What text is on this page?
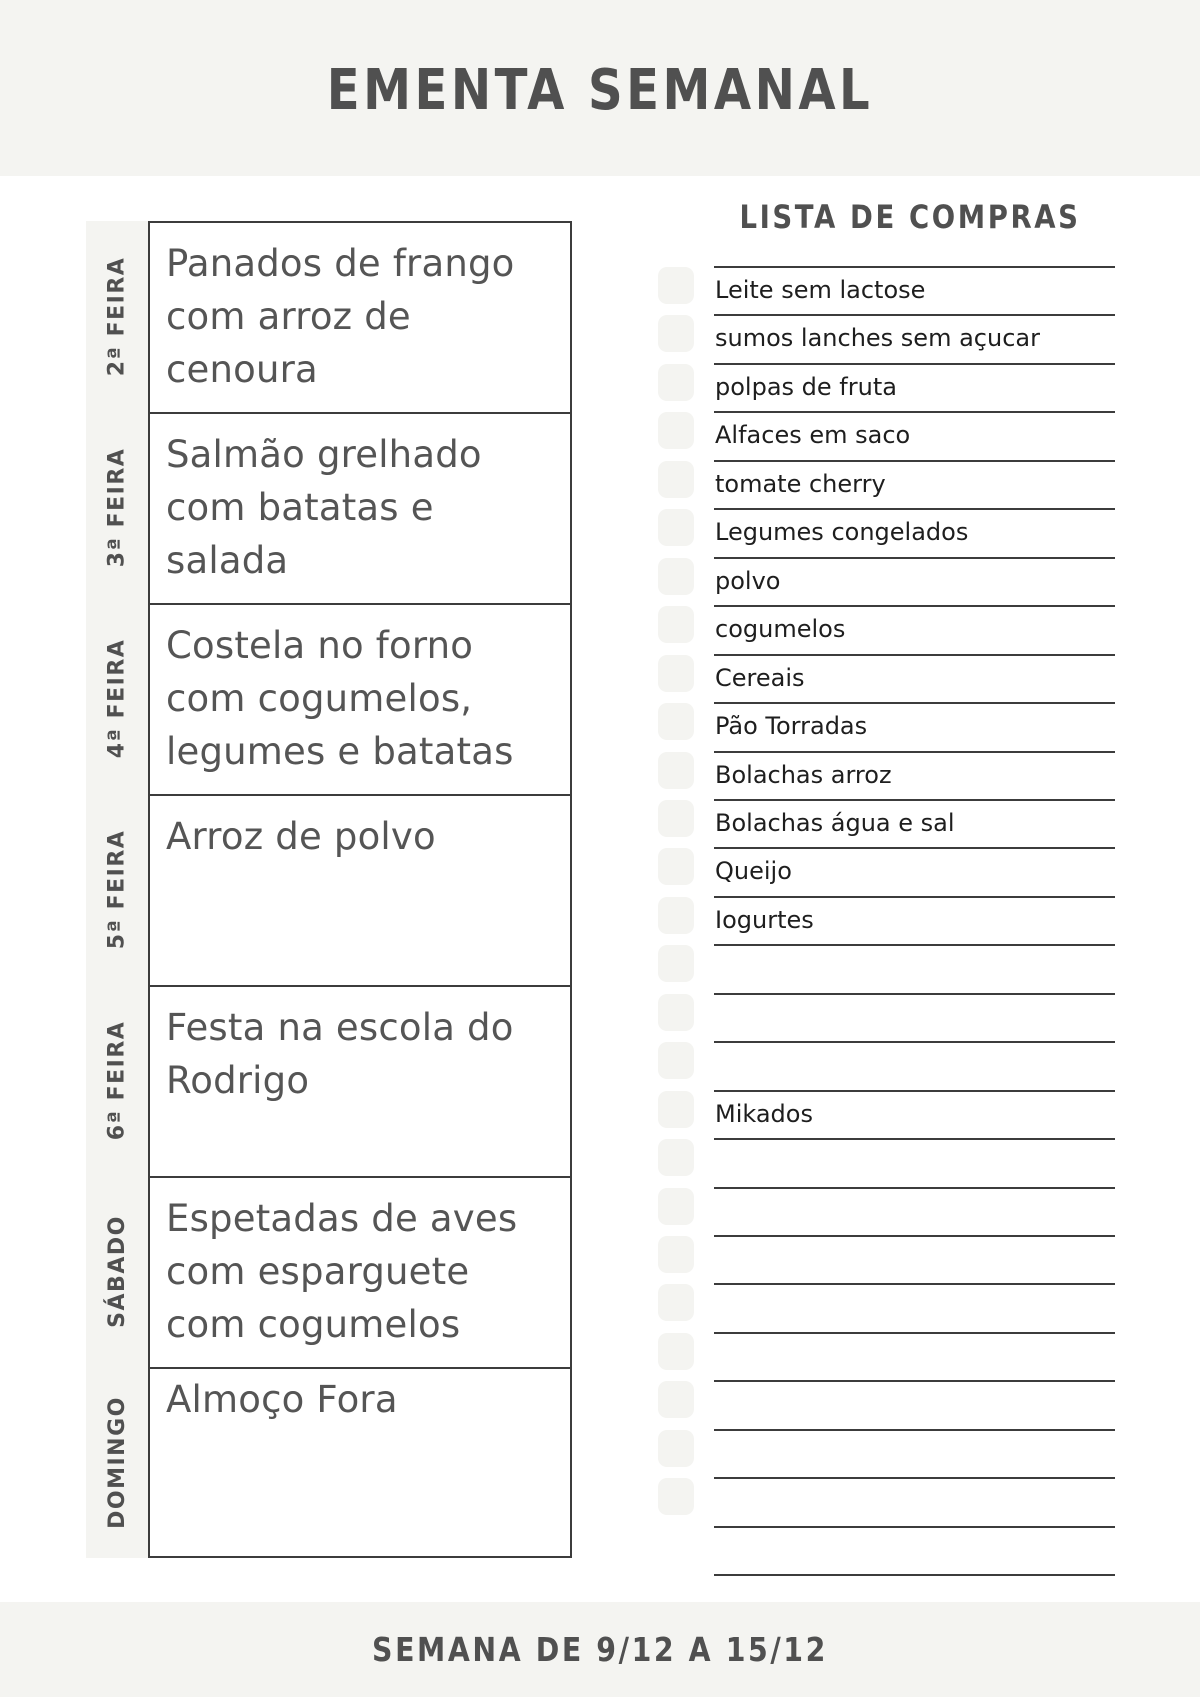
EMENTA SEMANAL
Panados de frango com arroz de cenoura
Salmão grelhado com batatas e salada
Costela no forno com cogumelos, legumes e batatas
Arroz de polvo
Festa na escola do Rodrigo
Espetadas de aves com esparguete com cogumelos
Almoço Fora
2ª FEIRA
3ª FEIRA
4ª FEIRA
5ª FEIRA
6ª FEIRA
SÁBADO
DOMINGO
LISTA DE COMPRAS
Leite sem lactose
sumos lanches sem açucar
polpas de fruta
Alfaces em saco
tomate cherry
Legumes congelados
polvo
cogumelos
Cereais
Pão Torradas
Bolachas arroz
Bolachas água e sal
Queijo
Iogurtes
Mikados
SEMANA DE 9/12 A 15/12
